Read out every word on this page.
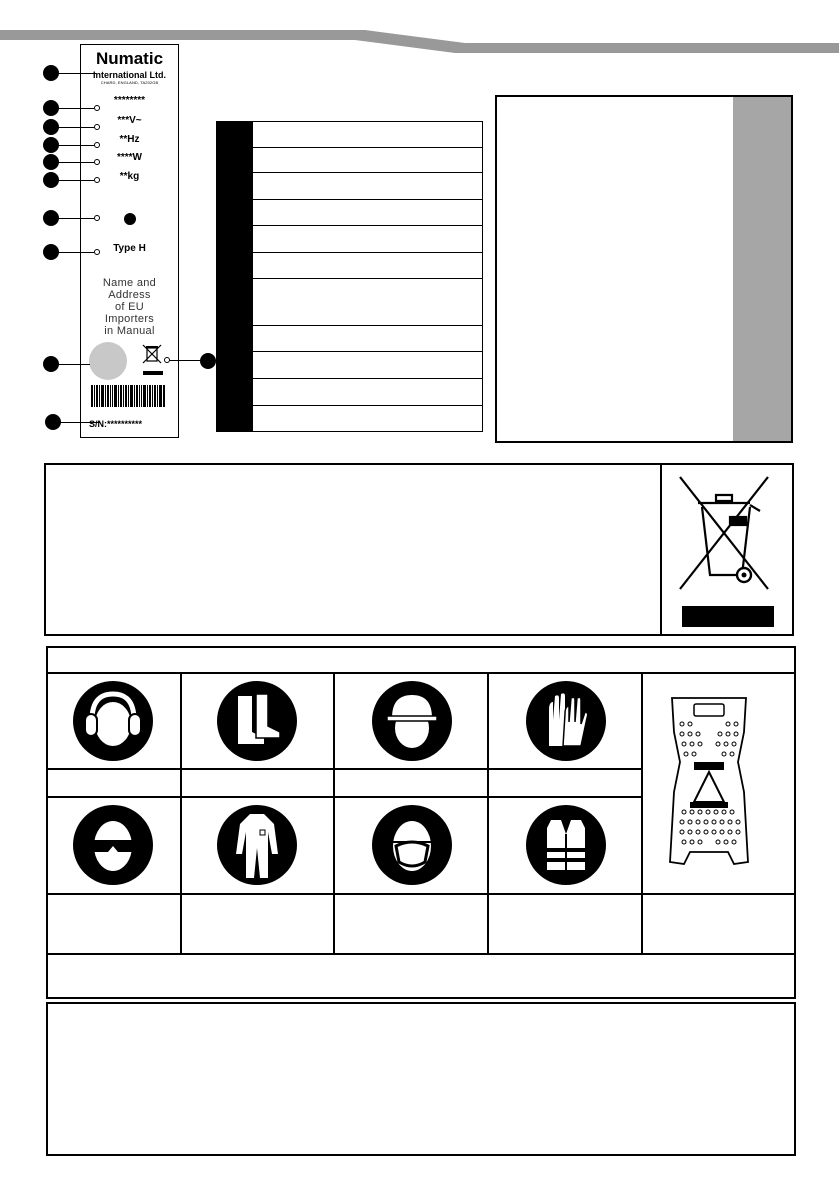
Numatic
International Ltd.
CHARD, ENGLAND, TA202GB
********
***V~
**Hz
****W
**kg
Type H
Name and
Address
of EU
Importers
in Manual
S/N:**********
